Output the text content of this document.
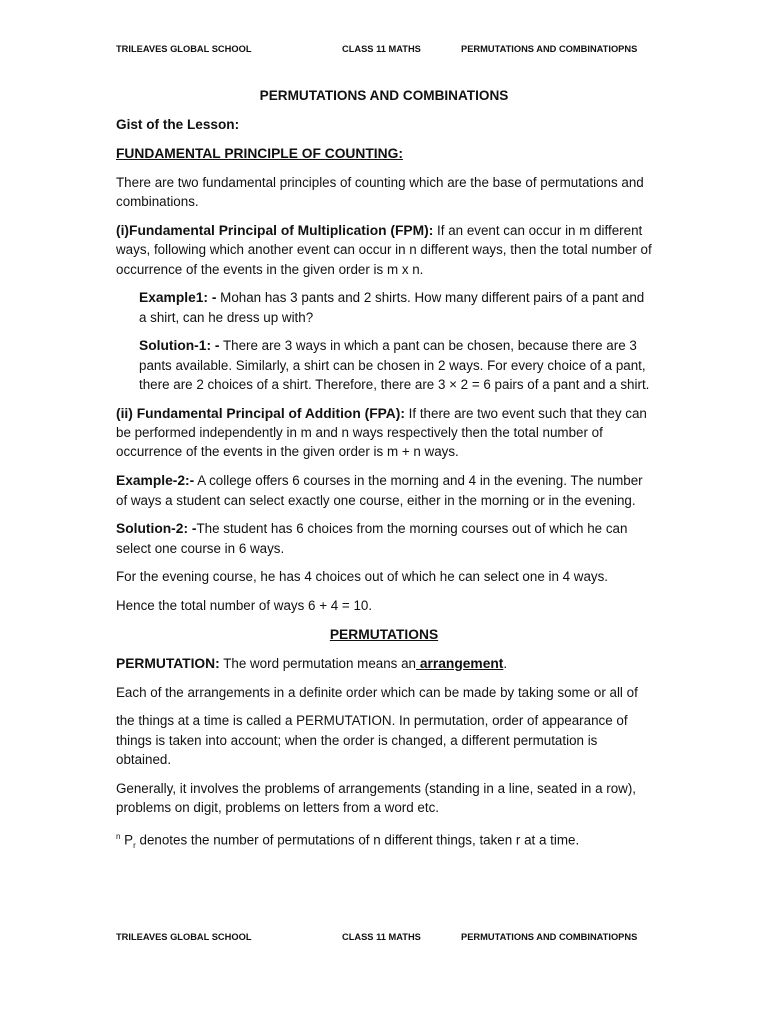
TRILEAVES GLOBAL SCHOOL	CLASS 11 MATHS	PERMUTATIONS AND COMBINATIOPNS

PERMUTATIONS AND COMBINATIONS

Gist of the Lesson:

FUNDAMENTAL PRINCIPLE OF COUNTING:

There are two fundamental principles of counting which are the base of permutations and combinations.

(i)Fundamental Principal of Multiplication (FPM): If an event can occur in m different ways, following which another event can occur in n different ways, then the total number of occurrence of the events in the given order is m x n.

Example1: - Mohan has 3 pants and 2 shirts. How many different pairs of a pant and a shirt, can he dress up with?

Solution-1: - There are 3 ways in which a pant can be chosen, because there are 3 pants available. Similarly, a shirt can be chosen in 2 ways. For every choice of a pant, there are 2 choices of a shirt. Therefore, there are 3 × 2 = 6 pairs of a pant and a shirt.

(ii) Fundamental Principal of Addition (FPA): If there are two event such that they can be performed independently in m and n ways respectively then the total number of occurrence of the events in the given order is m + n ways.

Example-2:- A college offers 6 courses in the morning and 4 in the evening. The number of ways a student can select exactly one course, either in the morning or in the evening.

Solution-2: -The student has 6 choices from the morning courses out of which he can select one course in 6 ways.

For the evening course, he has 4 choices out of which he can select one in 4 ways.

Hence the total number of ways 6 + 4 = 10.

PERMUTATIONS

PERMUTATION: The word permutation means an arrangement.

Each of the arrangements in a definite order which can be made by taking some or all of

the things at a time is called a PERMUTATION. In permutation, order of appearance of things is taken into account; when the order is changed, a different permutation is obtained.

Generally, it involves the problems of arrangements (standing in a line, seated in a row), problems on digit, problems on letters from a word etc.

$^n$ $P_r$ denotes the number of permutations of n different things, taken r at a time.

TRILEAVES GLOBAL SCHOOL	CLASS 11 MATHS	PERMUTATIONS AND COMBINATIOPNS
